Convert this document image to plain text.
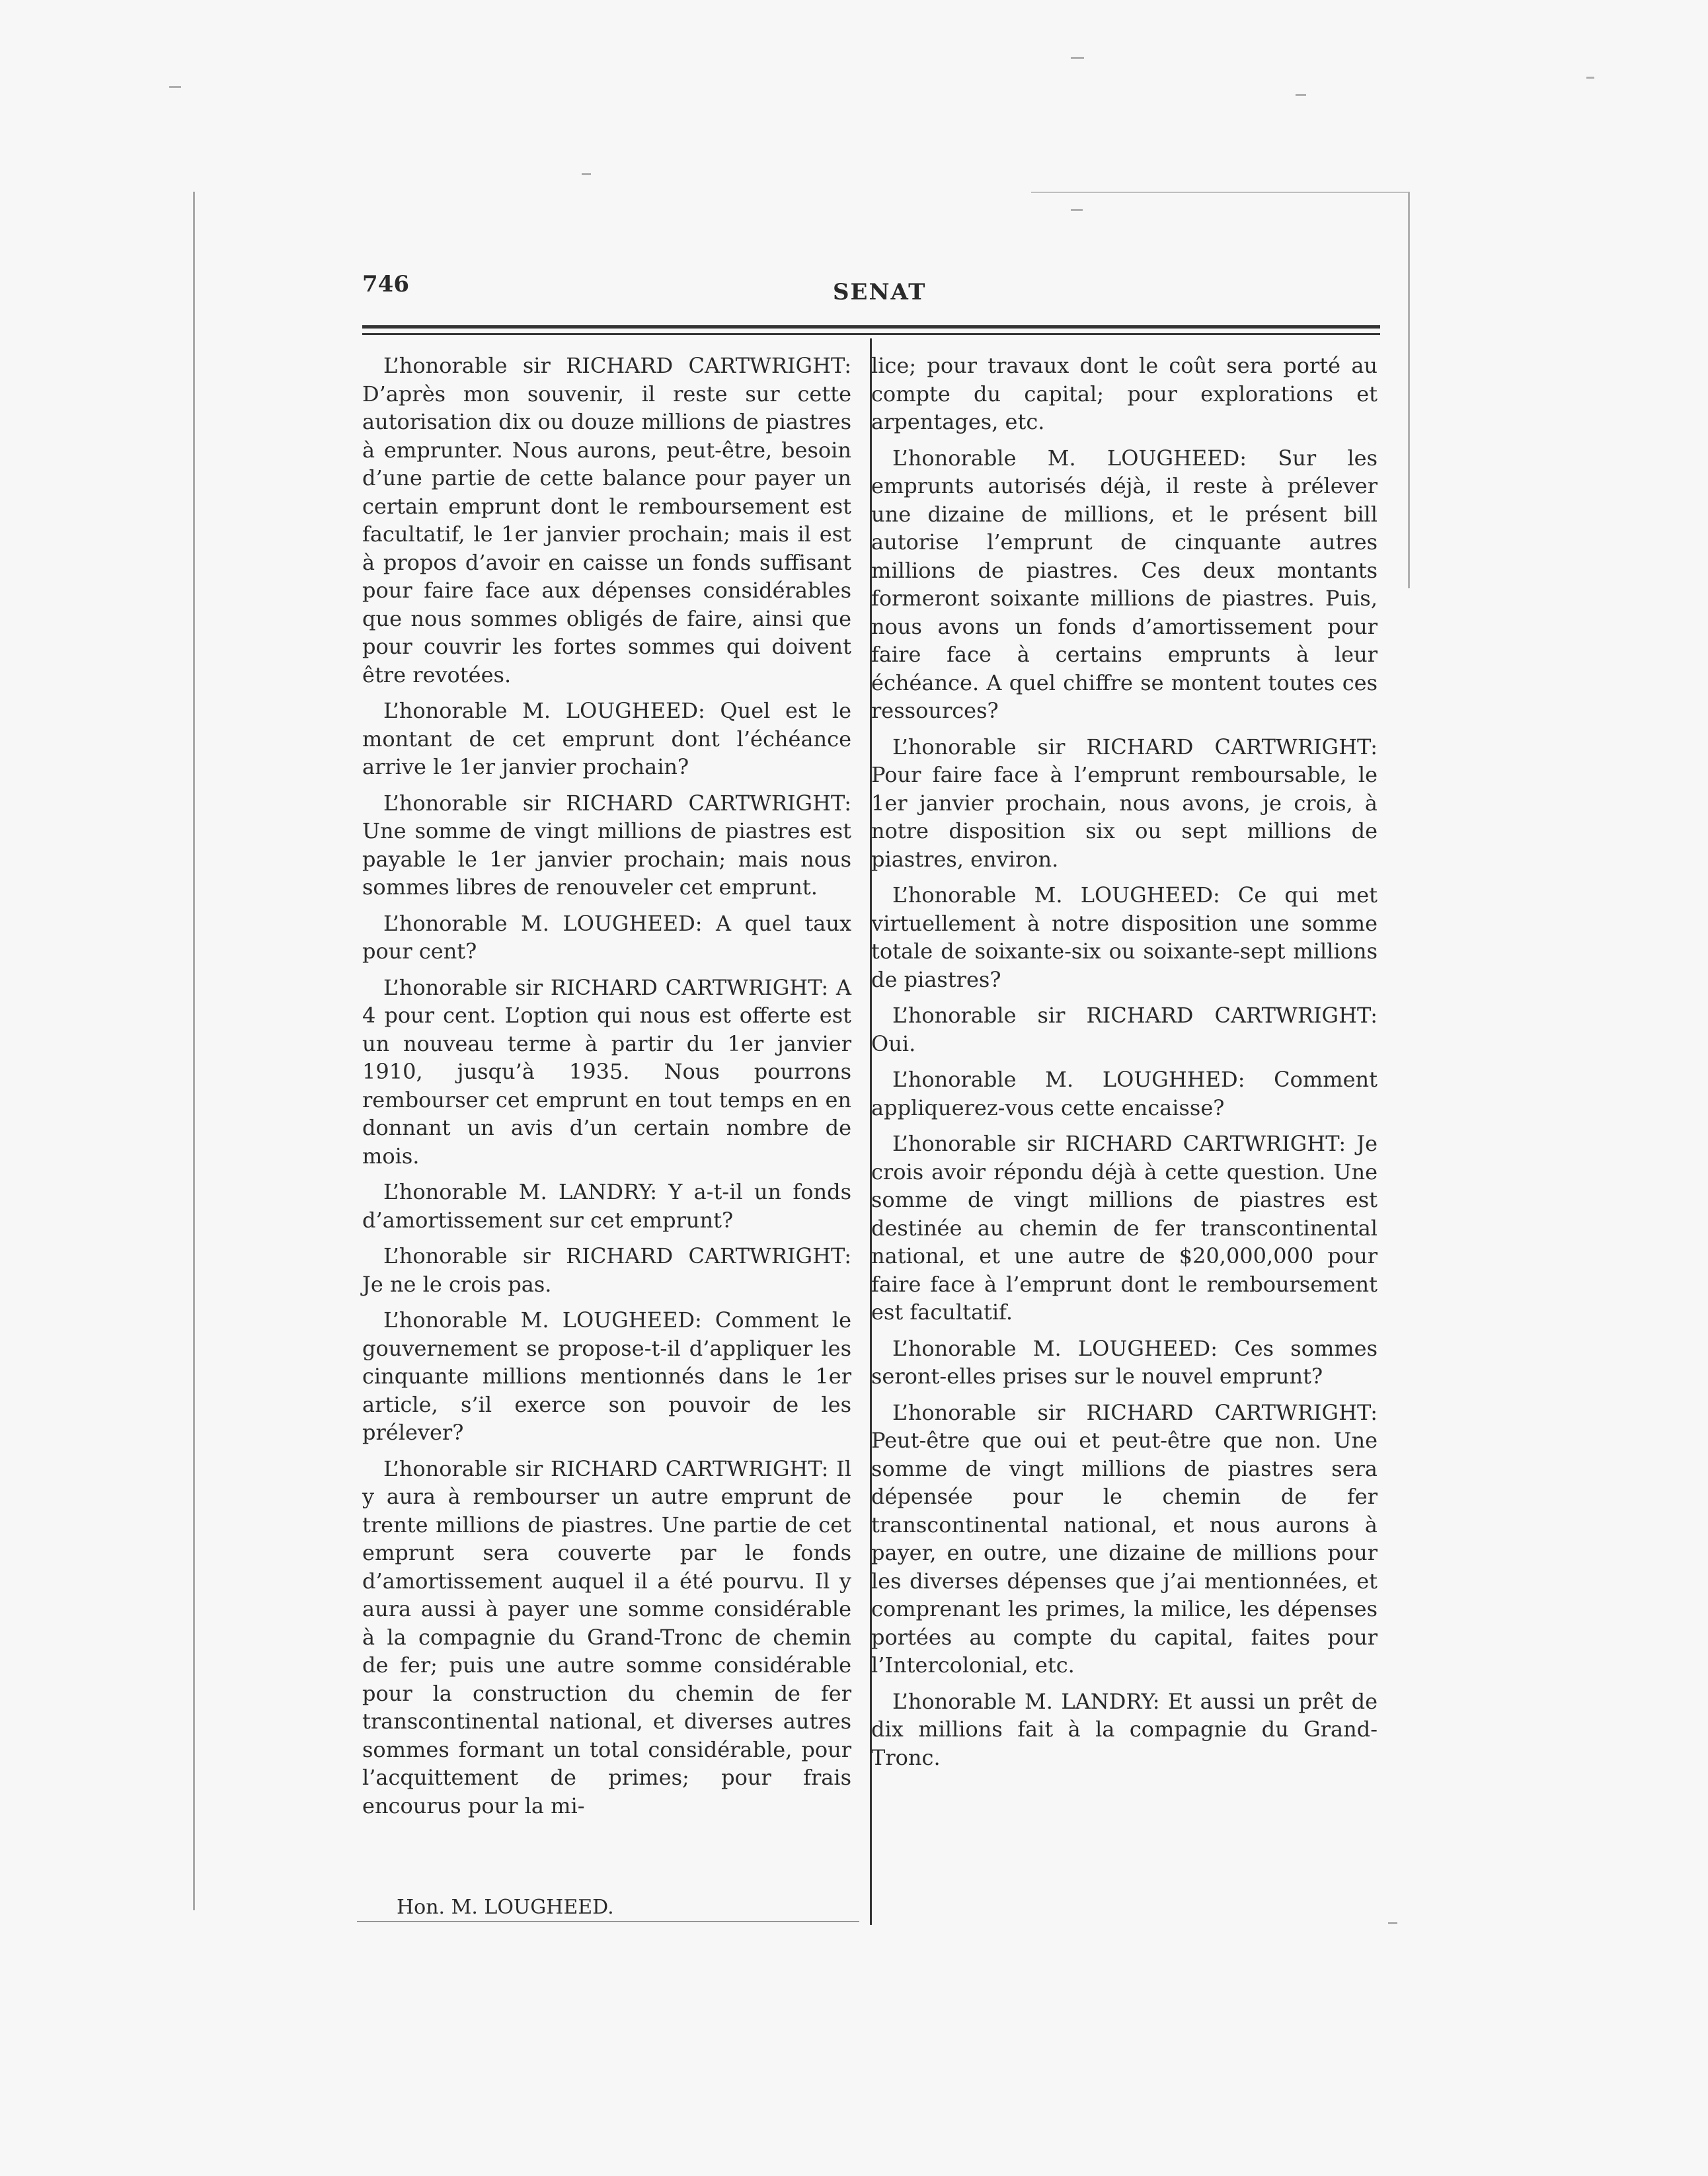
746	SENAT

L’honorable sir RICHARD CARTWRIGHT: D’après mon souvenir, il reste sur cette autorisation dix ou douze millions de piastres à emprunter. Nous aurons, peut-être, besoin d’une partie de cette balance pour payer un certain emprunt dont le remboursement est facultatif, le 1er janvier prochain; mais il est à propos d’avoir en caisse un fonds suffisant pour faire face aux dépenses considérables que nous sommes obligés de faire, ainsi que pour couvrir les fortes sommes qui doivent être revotées.

L’honorable M. LOUGHEED: Quel est le montant de cet emprunt dont l’échéance arrive le 1er janvier prochain?

L’honorable sir RICHARD CARTWRIGHT: Une somme de vingt millions de piastres est payable le 1er janvier prochain; mais nous sommes libres de renouveler cet emprunt.

L’honorable M. LOUGHEED: A quel taux pour cent?

L’honorable sir RICHARD CARTWRIGHT: A 4 pour cent. L’option qui nous est offerte est un nouveau terme à partir du 1er janvier 1910, jusqu’à 1935. Nous pourrons rembourser cet emprunt en tout temps en en donnant un avis d’un certain nombre de mois.

L’honorable M. LANDRY: Y a-t-il un fonds d’amortissement sur cet emprunt?

L’honorable sir RICHARD CARTWRIGHT: Je ne le crois pas.

L’honorable M. LOUGHEED: Comment le gouvernement se propose-t-il d’appliquer les cinquante millions mentionnés dans le 1er article, s’il exerce son pouvoir de les prélever?

L’honorable sir RICHARD CARTWRIGHT: Il y aura à rembourser un autre emprunt de trente millions de piastres. Une partie de cet emprunt sera couverte par le fonds d’amortissement auquel il a été pourvu. Il y aura aussi à payer une somme considérable à la compagnie du Grand-Tronc de chemin de fer; puis une autre somme considérable pour la construction du chemin de fer transcontinental national, et diverses autres sommes formant un total considérable, pour l’acquittement de primes; pour frais encourus pour la mi-

lice; pour travaux dont le coût sera porté au compte du capital; pour explorations et arpentages, etc.

L’honorable M. LOUGHEED: Sur les emprunts autorisés déjà, il reste à prélever une dizaine de millions, et le présent bill autorise l’emprunt de cinquante autres millions de piastres. Ces deux montants formeront soixante millions de piastres. Puis, nous avons un fonds d’amortissement pour faire face à certains emprunts à leur échéance. A quel chiffre se montent toutes ces ressources?

L’honorable sir RICHARD CARTWRIGHT: Pour faire face à l’emprunt remboursable, le 1er janvier prochain, nous avons, je crois, à notre disposition six ou sept millions de piastres, environ.

L’honorable M. LOUGHEED: Ce qui met virtuellement à notre disposition une somme totale de soixante-six ou soixante-sept millions de piastres?

L’honorable sir RICHARD CARTWRIGHT: Oui.

L’honorable M. LOUGHHED: Comment appliquerez-vous cette encaisse?

L’honorable sir RICHARD CARTWRIGHT: Je crois avoir répondu déjà à cette question. Une somme de vingt millions de piastres est destinée au chemin de fer transcontinental national, et une autre de $20,000,000 pour faire face à l’emprunt dont le remboursement est facultatif.

L’honorable M. LOUGHEED: Ces sommes seront-elles prises sur le nouvel emprunt?

L’honorable sir RICHARD CARTWRIGHT: Peut-être que oui et peut-être que non. Une somme de vingt millions de piastres sera dépensée pour le chemin de fer transcontinental national, et nous aurons à payer, en outre, une dizaine de millions pour les diverses dépenses que j’ai mentionnées, et comprenant les primes, la milice, les dépenses portées au compte du capital, faites pour l’Intercolonial, etc.

L’honorable M. LANDRY: Et aussi un prêt de dix millions fait à la compagnie du Grand-Tronc.

Hon. M. LOUGHEED.
